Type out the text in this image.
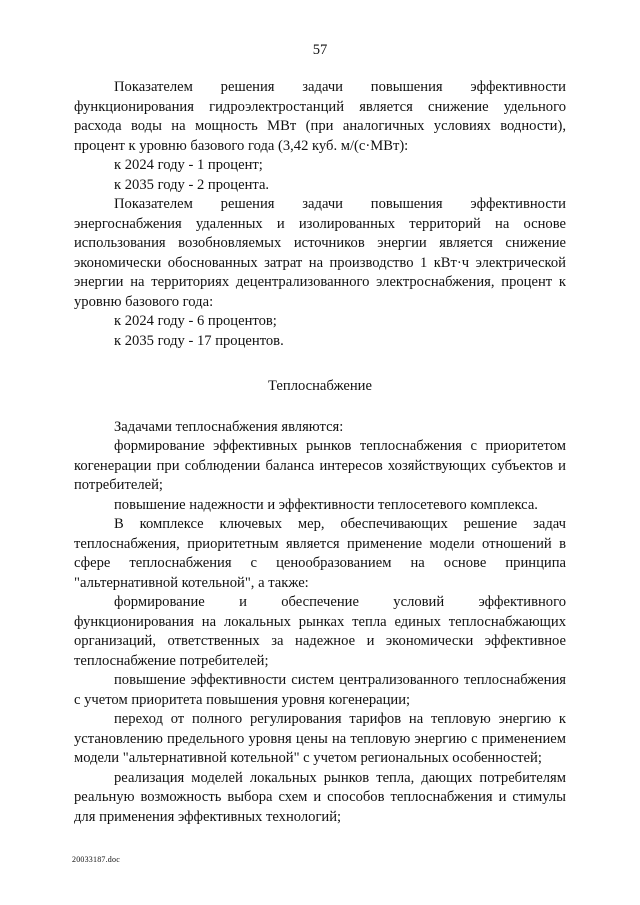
57

Показателем решения задачи повышения эффективности функционирования гидроэлектростанций является снижение удельного расхода воды на мощность МВт (при аналогичных условиях водности), процент к уровню базового года (3,42 куб. м/(с·МВт):

к 2024 году - 1 процент;

к 2035 году - 2 процента.

Показателем решения задачи повышения эффективности энергоснабжения удаленных и изолированных территорий на основе использования возобновляемых источников энергии является снижение экономически обоснованных затрат на производство 1 кВт·ч электрической энергии на территориях децентрализованного электроснабжения, процент к уровню базового года:

к 2024 году - 6 процентов;

к 2035 году - 17 процентов.

Теплоснабжение

Задачами теплоснабжения являются:

формирование эффективных рынков теплоснабжения с приоритетом когенерации при соблюдении баланса интересов хозяйствующих субъектов и потребителей;

повышение надежности и эффективности теплосетевого комплекса.

В комплексе ключевых мер, обеспечивающих решение задач теплоснабжения, приоритетным является применение модели отношений в сфере теплоснабжения с ценообразованием на основе принципа "альтернативной котельной", а также:

формирование и обеспечение условий эффективного функционирования на локальных рынках тепла единых теплоснабжающих организаций, ответственных за надежное и экономически эффективное теплоснабжение потребителей;

повышение эффективности систем централизованного теплоснабжения с учетом приоритета повышения уровня когенерации;

переход от полного регулирования тарифов на тепловую энергию к установлению предельного уровня цены на тепловую энергию с применением модели "альтернативной котельной" с учетом региональных особенностей;

реализация моделей локальных рынков тепла, дающих потребителям реальную возможность выбора схем и способов теплоснабжения и стимулы для применения эффективных технологий;

20033187.doc
